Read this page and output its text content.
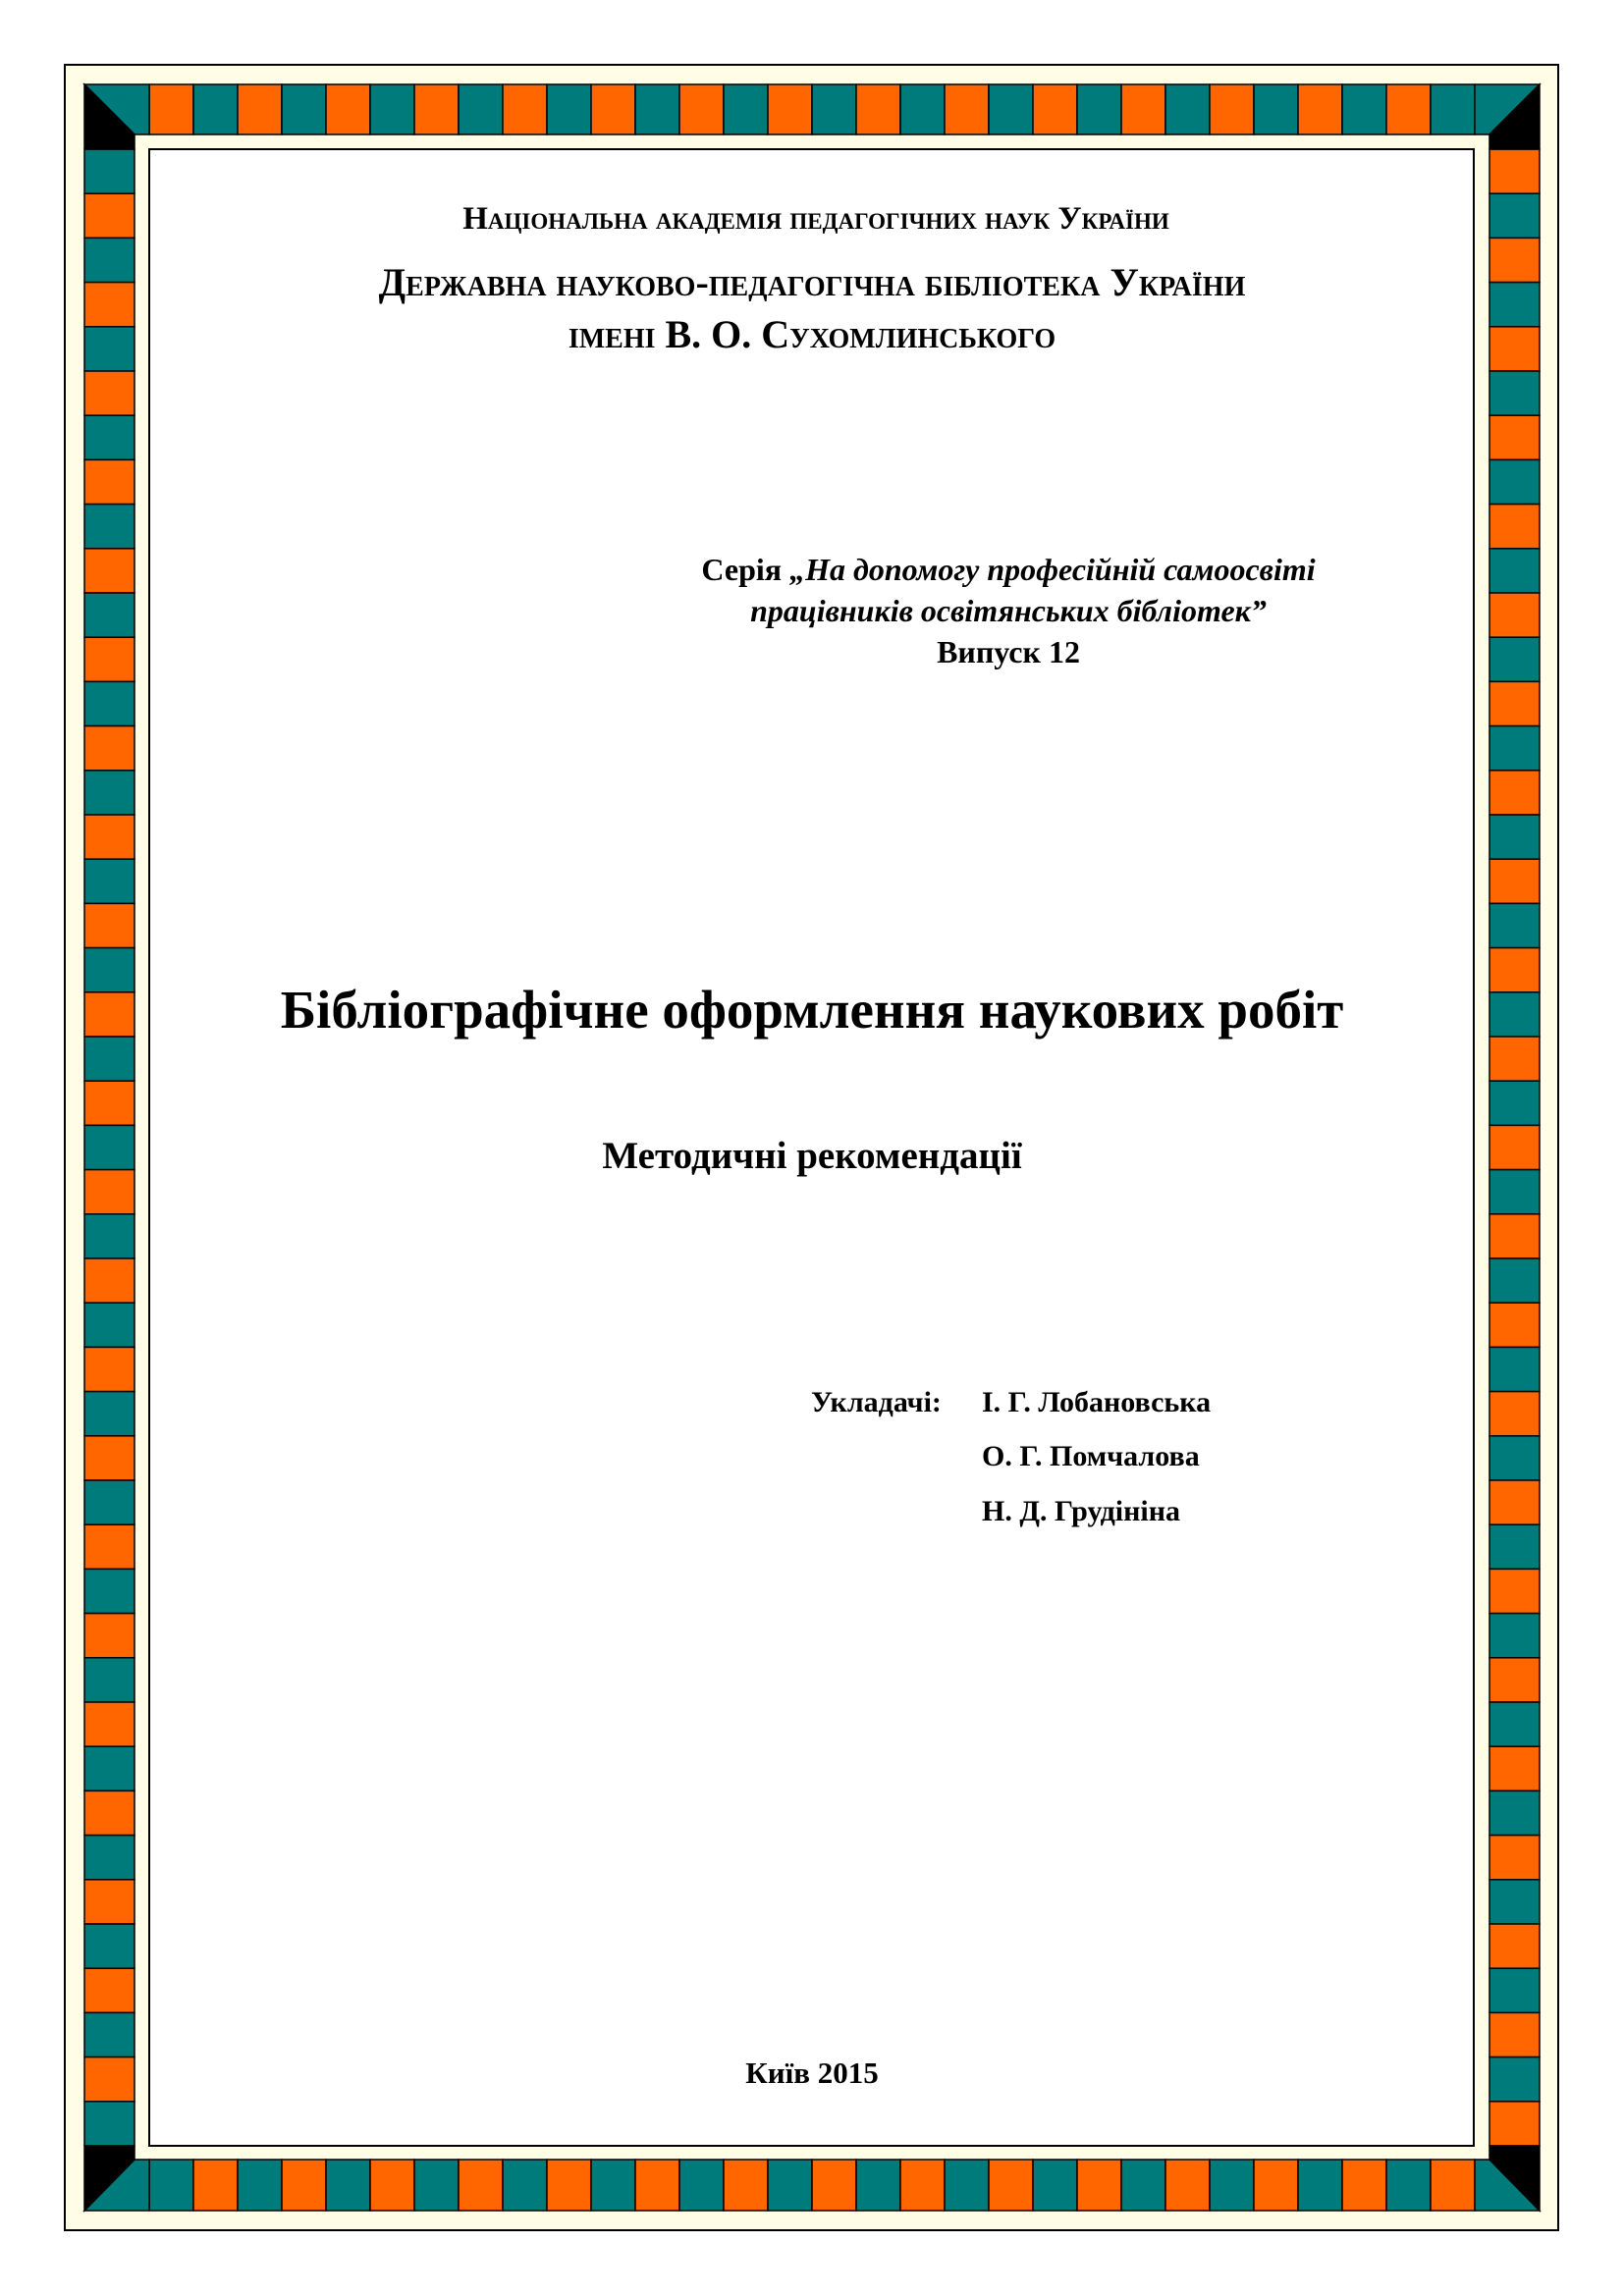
Національна академія педагогічних наук України
Державна науково-педагогічна бібліотека України
імені В. О. Сухомлинського
Серія „На допомогу професійній самоосвіті
працівників освітянських бібліотек”
Випуск 12
Бібліографічне оформлення наукових робіт
Методичні рекомендації
Укладачі: І. Г. Лобановська
О. Г. Помчалова
Н. Д. Грудініна
Київ 2015
